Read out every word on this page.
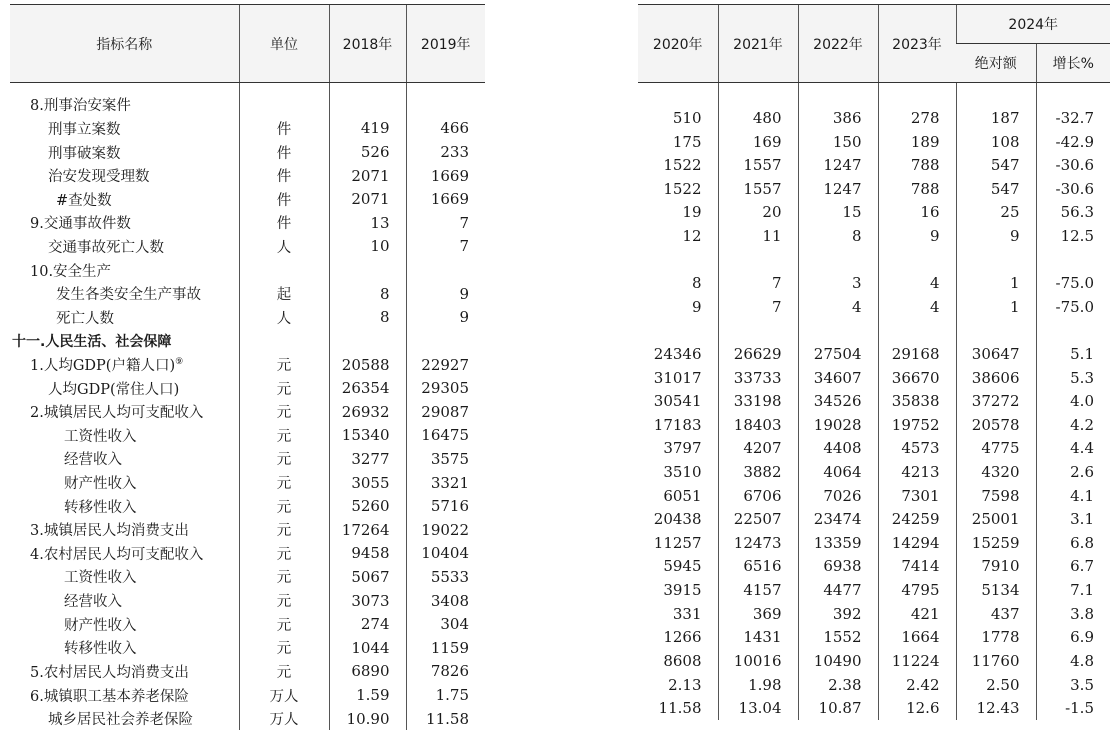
指标名称	单位	2018年	2019年
8.刑事治安案件			
刑事立案数	件	419	466
刑事破案数	件	526	233
治安发现受理数	件	2071	1669
#查处数	件	2071	1669
9.交通事故件数	件	13	7
交通事故死亡人数	人	10	7
10.安全生产			
发生各类安全生产事故	起	8	9
死亡人数	人	8	9
十一.人民生活、社会保障			
1.人均GDP(户籍人口)⑨	元	20588	22927
人均GDP(常住人口)	元	26354	29305
2.城镇居民人均可支配收入	元	26932	29087
工资性收入	元	15340	16475
经营收入	元	3277	3575
财产性收入	元	3055	3321
转移性收入	元	5260	5716
3.城镇居民人均消费支出	元	17264	19022
4.农村居民人均可支配收入	元	9458	10404
工资性收入	元	5067	5533
经营收入	元	3073	3408
财产性收入	元	274	304
转移性收入	元	1044	1159
5.农村居民人均消费支出	元	6890	7826
6.城镇职工基本养老保险	万人	1.59	1.75
城乡居民社会养老保险	万人	10.90	11.58
2020年	2021年	2022年	2023年	2024年	
				绝对额	增长%

510	480	386	278	187	-32.7
175	169	150	189	108	-42.9
1522	1557	1247	788	547	-30.6
1522	1557	1247	788	547	-30.6
19	20	15	16	25	56.3
12	11	8	9	9	12.5

8	7	3	4	1	-75.0
9	7	4	4	1	-75.0

24346	26629	27504	29168	30647	5.1
31017	33733	34607	36670	38606	5.3
30541	33198	34526	35838	37272	4.0
17183	18403	19028	19752	20578	4.2
3797	4207	4408	4573	4775	4.4
3510	3882	4064	4213	4320	2.6
6051	6706	7026	7301	7598	4.1
20438	22507	23474	24259	25001	3.1
11257	12473	13359	14294	15259	6.8
5945	6516	6938	7414	7910	6.7
3915	4157	4477	4795	5134	7.1
331	369	392	421	437	3.8
1266	1431	1552	1664	1778	6.9
8608	10016	10490	11224	11760	4.8
2.13	1.98	2.38	2.42	2.50	3.5
11.58	13.04	10.87	12.6	12.43	-1.5
